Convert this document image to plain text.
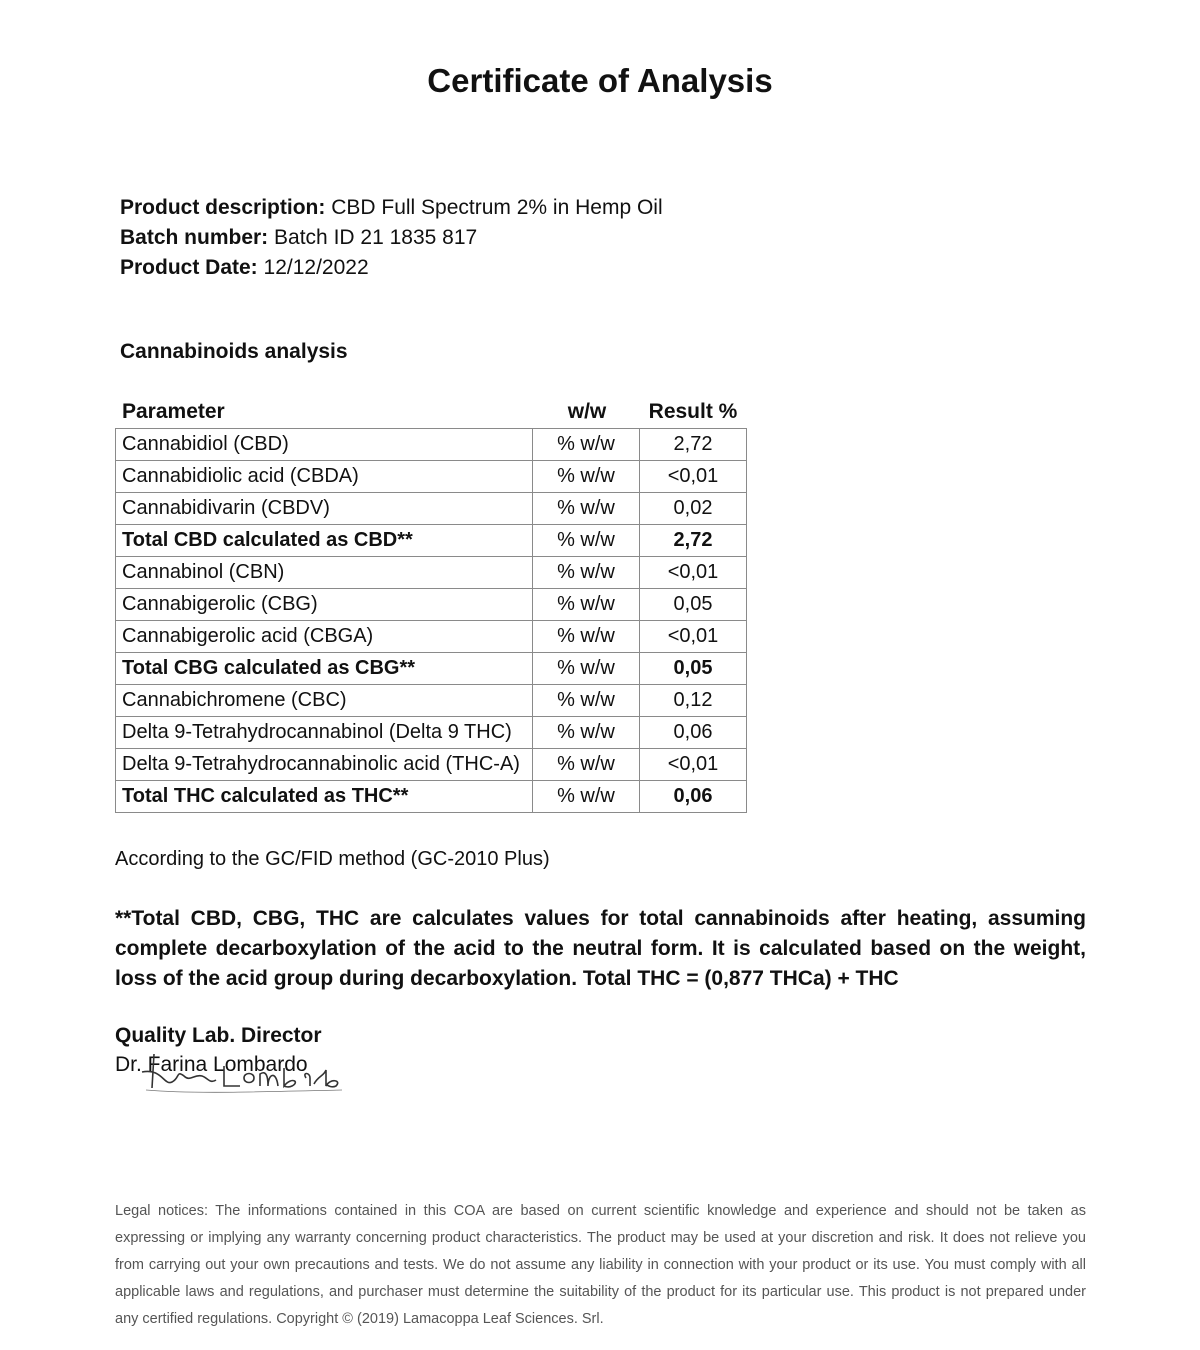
Certificate of Analysis
Product description: CBD Full Spectrum 2% in Hemp Oil
Batch number: Batch ID 21 1835 817
Product Date: 12/12/2022
Cannabinoids analysis
Parameter	w/w	Result %
Cannabidiol (CBD)	% w/w	2,72
Cannabidiolic acid (CBDA)	% w/w	<0,01
Cannabidivarin (CBDV)	% w/w	0,02
Total CBD calculated as CBD**	% w/w	2,72
Cannabinol (CBN)	% w/w	<0,01
Cannabigerolic (CBG)	% w/w	0,05
Cannabigerolic acid (CBGA)	% w/w	<0,01
Total CBG calculated as CBG**	% w/w	0,05
Cannabichromene (CBC)	% w/w	0,12
Delta 9-Tetrahydrocannabinol (Delta 9 THC)	% w/w	0,06
Delta 9-Tetrahydrocannabinolic acid (THC-A)	% w/w	<0,01
Total THC calculated as THC**	% w/w	0,06
According to the GC/FID method (GC-2010 Plus)
**Total CBD, CBG, THC are calculates values for total cannabinoids after heating, assuming complete decarboxylation of the acid to the neutral form. It is calculated based on the weight, loss of the acid group during decarboxylation. Total THC = (0,877 THCa) + THC
Quality Lab. Director
Dr. Farina Lombardo
Legal notices: The informations contained in this COA are based on current scientific knowledge and experience and should not be taken as expressing or implying any warranty concerning product characteristics. The product may be used at your discretion and risk. It does not relieve you from carrying out your own precautions and tests. We do not assume any liability in connection with your product or its use. You must comply with all applicable laws and regulations, and purchaser must determine the suitability of the product for its particular use. This product is not prepared under any certified regulations. Copyright © (2019) Lamacoppa Leaf Sciences. Srl.
